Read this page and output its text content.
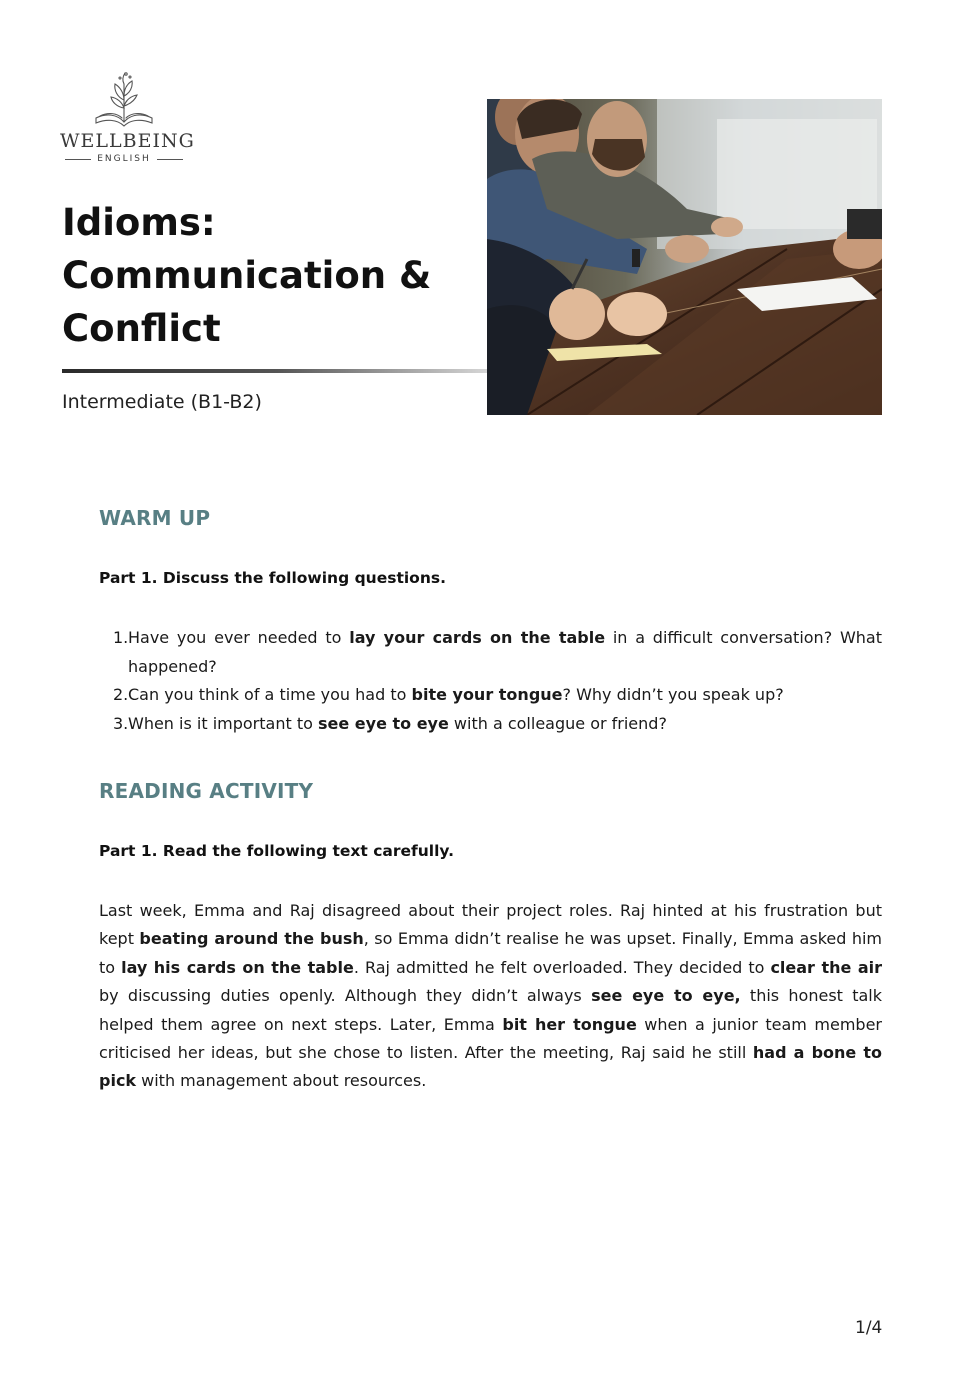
WELLBEING
ENGLISH
Idioms:
Communication &
Conflict
Intermediate (B1-B2)
WARM UP

Part 1. Discuss the following questions.

1. Have you ever needed to lay your cards on the table in a difficult conversation? What happened?
2. Can you think of a time you had to bite your tongue? Why didn’t you speak up?
3. When is it important to see eye to eye with a colleague or friend?
READING ACTIVITY

Part 1. Read the following text carefully.

Last week, Emma and Raj disagreed about their project roles. Raj hinted at his frustration but kept beating around the bush, so Emma didn’t realise he was upset. Finally, Emma asked him to lay his cards on the table. Raj admitted he felt overloaded. They decided to clear the air by discussing duties openly. Although they didn’t always see eye to eye, this honest talk helped them agree on next steps. Later, Emma bit her tongue when a junior team member criticised her ideas, but she chose to listen. After the meeting, Raj said he still had a bone to pick with management about resources.

1/4
